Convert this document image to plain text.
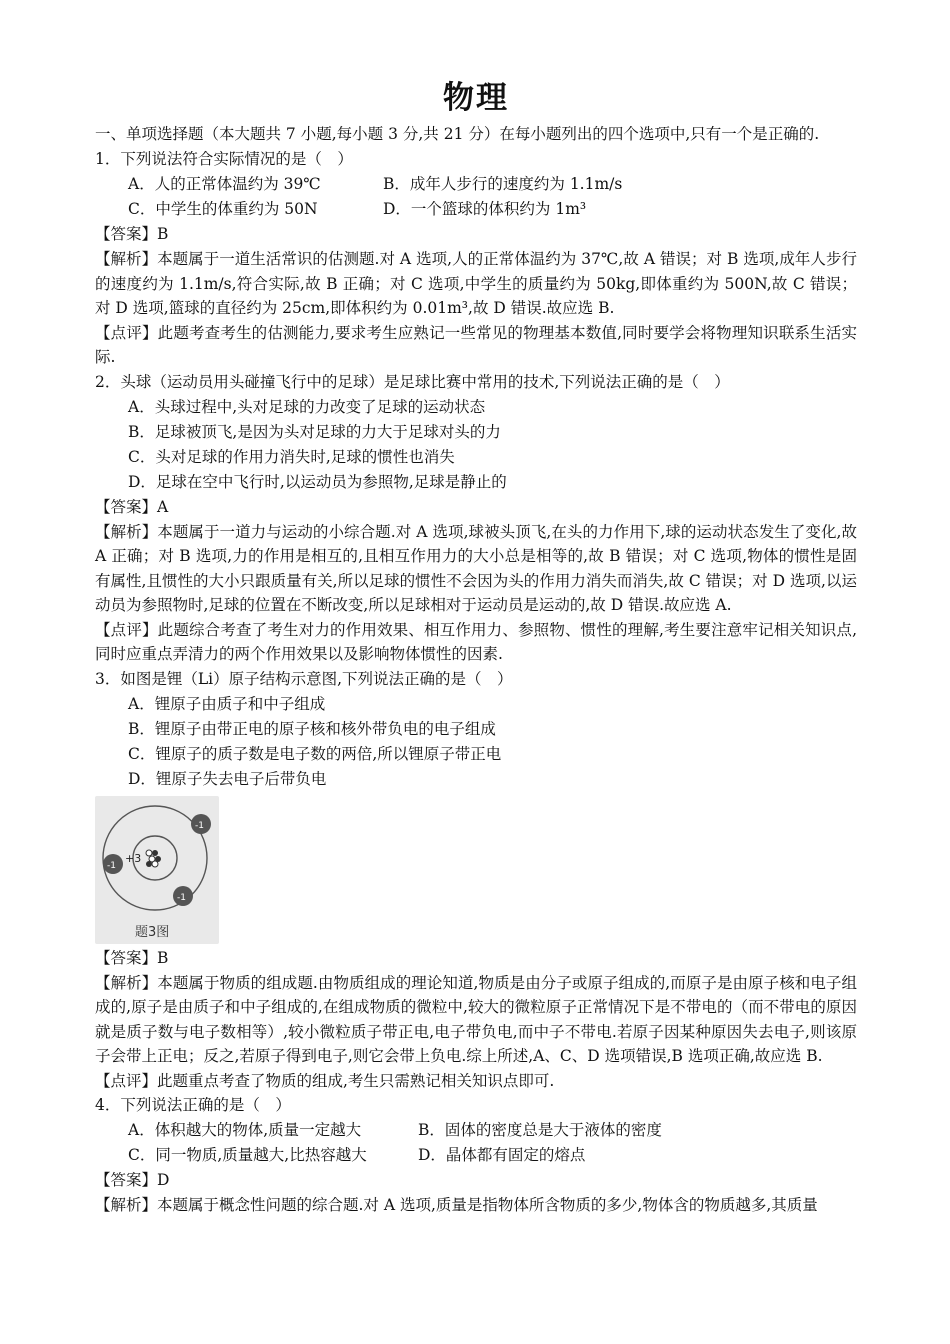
物理
一、单项选择题（本大题共 7 小题,每小题 3 分,共 21 分）在每小题列出的四个选项中,只有一个是正确的.
1．下列说法符合实际情况的是（　）
A．人的正常体温约为 39℃	B．成年人步行的速度约为 1.1m/s
C．中学生的体重约为 50N	D．一个篮球的体积约为 1m³
【答案】B

【解析】本题属于一道生活常识的估测题.对 A 选项,人的正常体温约为 37℃,故 A 错误；对 B 选项,成年人步行的速度约为 1.1m/s,符合实际,故 B 正确；对 C 选项,中学生的质量约为 50kg,即体重约为 500N,故 C 错误；对 D 选项,篮球的直径约为 25cm,即体积约为 0.01m³,故 D 错误.故应选 B.

【点评】此题考查考生的估测能力,要求考生应熟记一些常见的物理基本数值,同时要学会将物理知识联系生活实际.

2．头球（运动员用头碰撞飞行中的足球）是足球比赛中常用的技术,下列说法正确的是（　）
A．头球过程中,头对足球的力改变了足球的运动状态
B．足球被顶飞,是因为头对足球的力大于足球对头的力
C．头对足球的作用力消失时,足球的惯性也消失
D．足球在空中飞行时,以运动员为参照物,足球是静止的
【答案】A

【解析】本题属于一道力与运动的小综合题.对 A 选项,球被头顶飞,在头的力作用下,球的运动状态发生了变化,故 A 正确；对 B 选项,力的作用是相互的,且相互作用力的大小总是相等的,故 B 错误；对 C 选项,物体的惯性是固有属性,且惯性的大小只跟质量有关,所以足球的惯性不会因为头的作用力消失而消失,故 C 错误；对 D 选项,以运动员为参照物时,足球的位置在不断改变,所以足球相对于运动员是运动的,故 D 错误.故应选 A.

【点评】此题综合考查了考生对力的作用效果、相互作用力、参照物、惯性的理解,考生要注意牢记相关知识点,同时应重点弄清力的两个作用效果以及影响物体惯性的因素.

3．如图是锂（Li）原子结构示意图,下列说法正确的是（　）
A．锂原子由质子和中子组成
B．锂原子由带正电的原子核和核外带负电的电子组成
C．锂原子的质子数是电子数的两倍,所以锂原子带正电
D．锂原子失去电子后带负电
+3
-1
-1
-1
题3图
【答案】B

【解析】本题属于物质的组成题.由物质组成的理论知道,物质是由分子或原子组成的,而原子是由原子核和电子组成的,原子是由质子和中子组成的,在组成物质的微粒中,较大的微粒原子正常情况下是不带电的（而不带电的原因就是质子数与电子数相等）,较小微粒质子带正电,电子带负电,而中子不带电.若原子因某种原因失去电子,则该原子会带上正电；反之,若原子得到电子,则它会带上负电.综上所述,A、C、D 选项错误,B 选项正确,故应选 B.

【点评】此题重点考查了物质的组成,考生只需熟记相关知识点即可.

4．下列说法正确的是（　）
A．体积越大的物体,质量一定越大	B．固体的密度总是大于液体的密度
C．同一物质,质量越大,比热容越大	D．晶体都有固定的熔点
【答案】D

【解析】本题属于概念性问题的综合题.对 A 选项,质量是指物体所含物质的多少,物体含的物质越多,其质量
